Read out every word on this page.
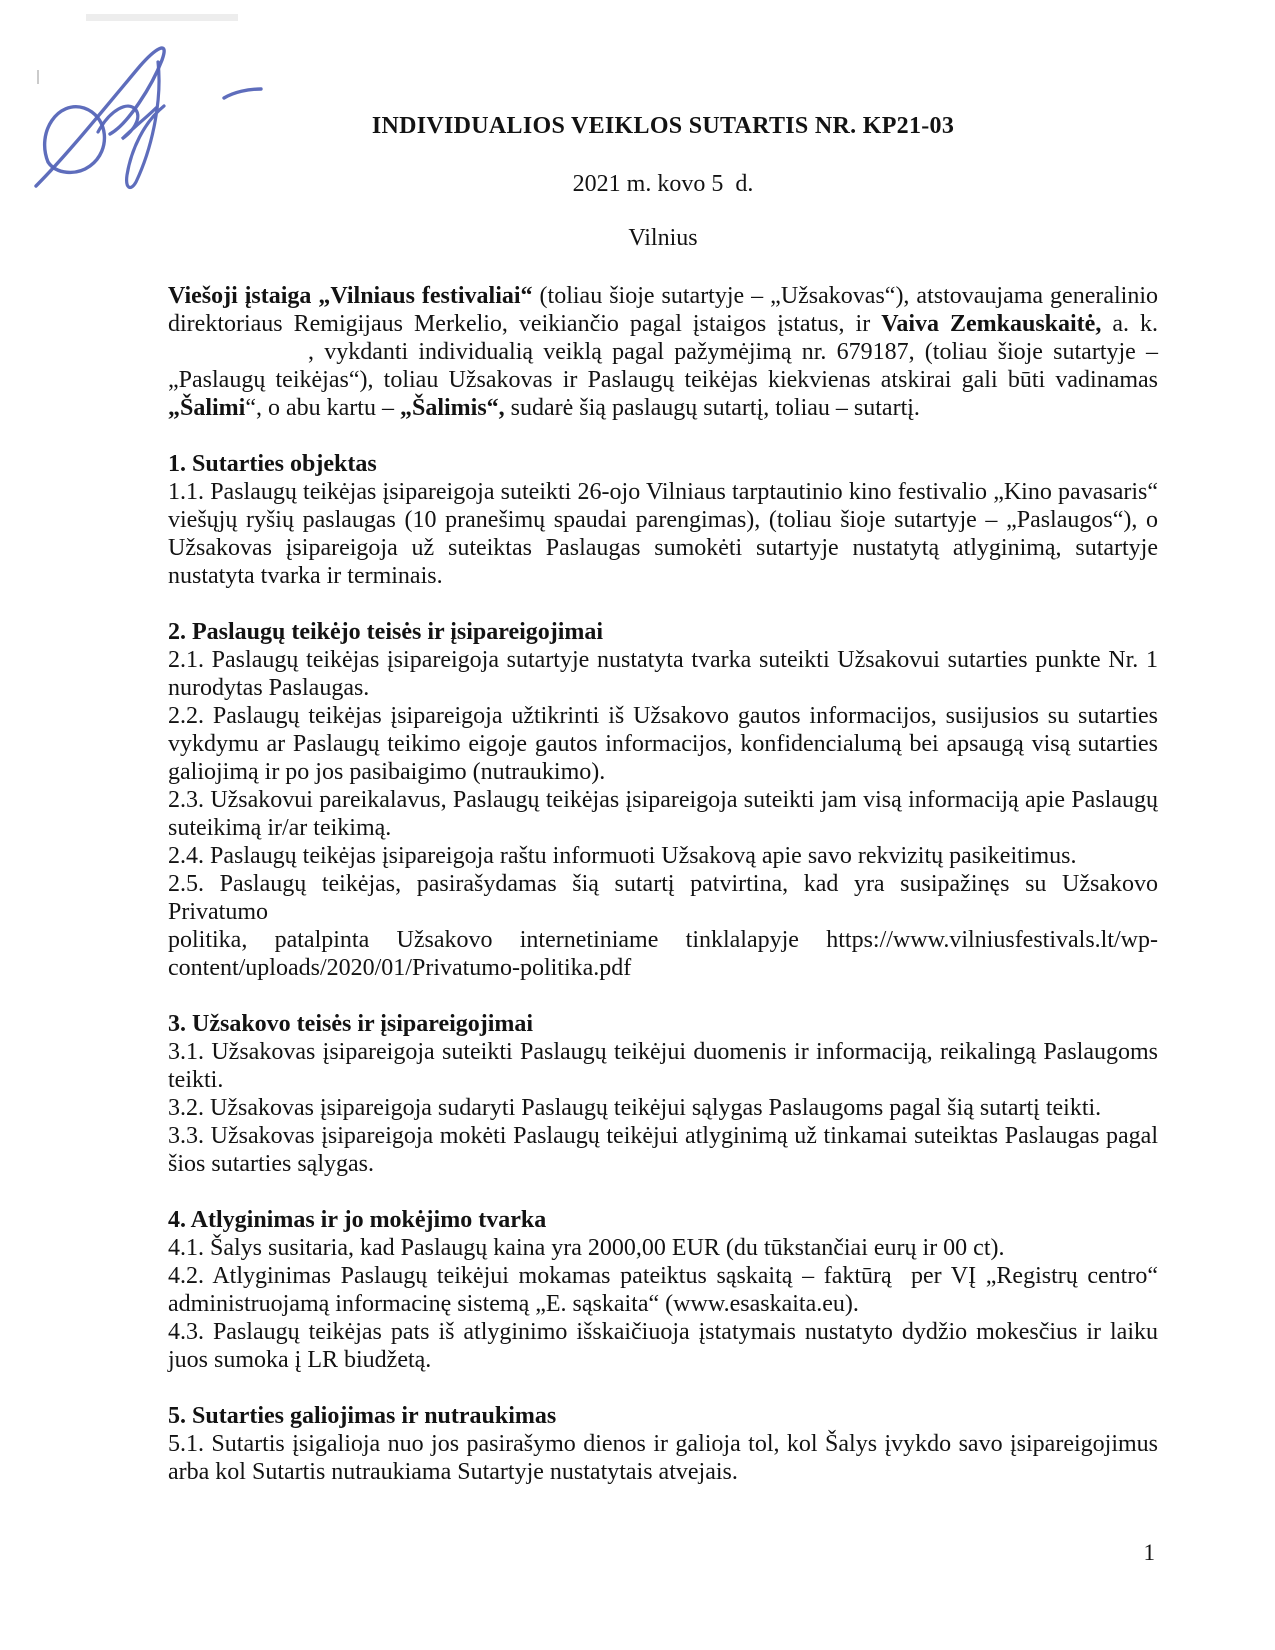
INDIVIDUALIOS VEIKLOS SUTARTIS NR. KP21-03
2021 m. kovo 5  d.
Vilnius
Viešoji įstaiga „Vilniaus festivaliai“ (toliau šioje sutartyje – „Užsakovas“), atstovaujama generalinio
direktoriaus Remigijaus Merkelio, veikiančio pagal įstaigos įstatus, ir Vaiva Zemkauskaitė, a. k.
, vykdanti individualią veiklą pagal pažymėjimą nr. 679187, (toliau šioje sutartyje –
„Paslaugų teikėjas“), toliau Užsakovas ir Paslaugų teikėjas kiekvienas atskirai gali būti vadinamas
„Šalimi“, o abu kartu – „Šalimis“, sudarė šią paslaugų sutartį, toliau – sutartį.
1. Sutarties objektas
1.1. Paslaugų teikėjas įsipareigoja suteikti 26-ojo Vilniaus tarptautinio kino festivalio „Kino pavasaris“
viešųjų ryšių paslaugas (10 pranešimų spaudai parengimas), (toliau šioje sutartyje – „Paslaugos“), o
Užsakovas įsipareigoja už suteiktas Paslaugas sumokėti sutartyje nustatytą atlyginimą, sutartyje
nustatyta tvarka ir terminais.
2. Paslaugų teikėjo teisės ir įsipareigojimai
2.1. Paslaugų teikėjas įsipareigoja sutartyje nustatyta tvarka suteikti Užsakovui sutarties punkte Nr. 1
nurodytas Paslaugas.
2.2. Paslaugų teikėjas įsipareigoja užtikrinti iš Užsakovo gautos informacijos, susijusios su sutarties
vykdymu ar Paslaugų teikimo eigoje gautos informacijos, konfidencialumą bei apsaugą visą sutarties
galiojimą ir po jos pasibaigimo (nutraukimo).
2.3. Užsakovui pareikalavus, Paslaugų teikėjas įsipareigoja suteikti jam visą informaciją apie Paslaugų
suteikimą ir/ar teikimą.
2.4. Paslaugų teikėjas įsipareigoja raštu informuoti Užsakovą apie savo rekvizitų pasikeitimus.
2.5. Paslaugų teikėjas, pasirašydamas šią sutartį patvirtina, kad yra susipažinęs su Užsakovo Privatumo
politika, patalpinta Užsakovo internetiniame tinklalapyje https://www.vilniusfestivals.lt/wp-
content/uploads/2020/01/Privatumo-politika.pdf
3. Užsakovo teisės ir įsipareigojimai
3.1. Užsakovas įsipareigoja suteikti Paslaugų teikėjui duomenis ir informaciją, reikalingą Paslaugoms
teikti.
3.2. Užsakovas įsipareigoja sudaryti Paslaugų teikėjui sąlygas Paslaugoms pagal šią sutartį teikti.
3.3. Užsakovas įsipareigoja mokėti Paslaugų teikėjui atlyginimą už tinkamai suteiktas Paslaugas pagal
šios sutarties sąlygas.
4. Atlyginimas ir jo mokėjimo tvarka
4.1. Šalys susitaria, kad Paslaugų kaina yra 2000,00 EUR (du tūkstančiai eurų ir 00 ct).
4.2. Atlyginimas Paslaugų teikėjui mokamas pateiktus sąskaitą – faktūrą  per VĮ „Registrų centro“
administruojamą informacinę sistemą „E. sąskaita“ (www.esaskaita.eu).
4.3. Paslaugų teikėjas pats iš atlyginimo išskaičiuoja įstatymais nustatyto dydžio mokesčius ir laiku
juos sumoka į LR biudžetą.
5. Sutarties galiojimas ir nutraukimas
5.1. Sutartis įsigalioja nuo jos pasirašymo dienos ir galioja tol, kol Šalys įvykdo savo įsipareigojimus
arba kol Sutartis nutraukiama Sutartyje nustatytais atvejais.
1
